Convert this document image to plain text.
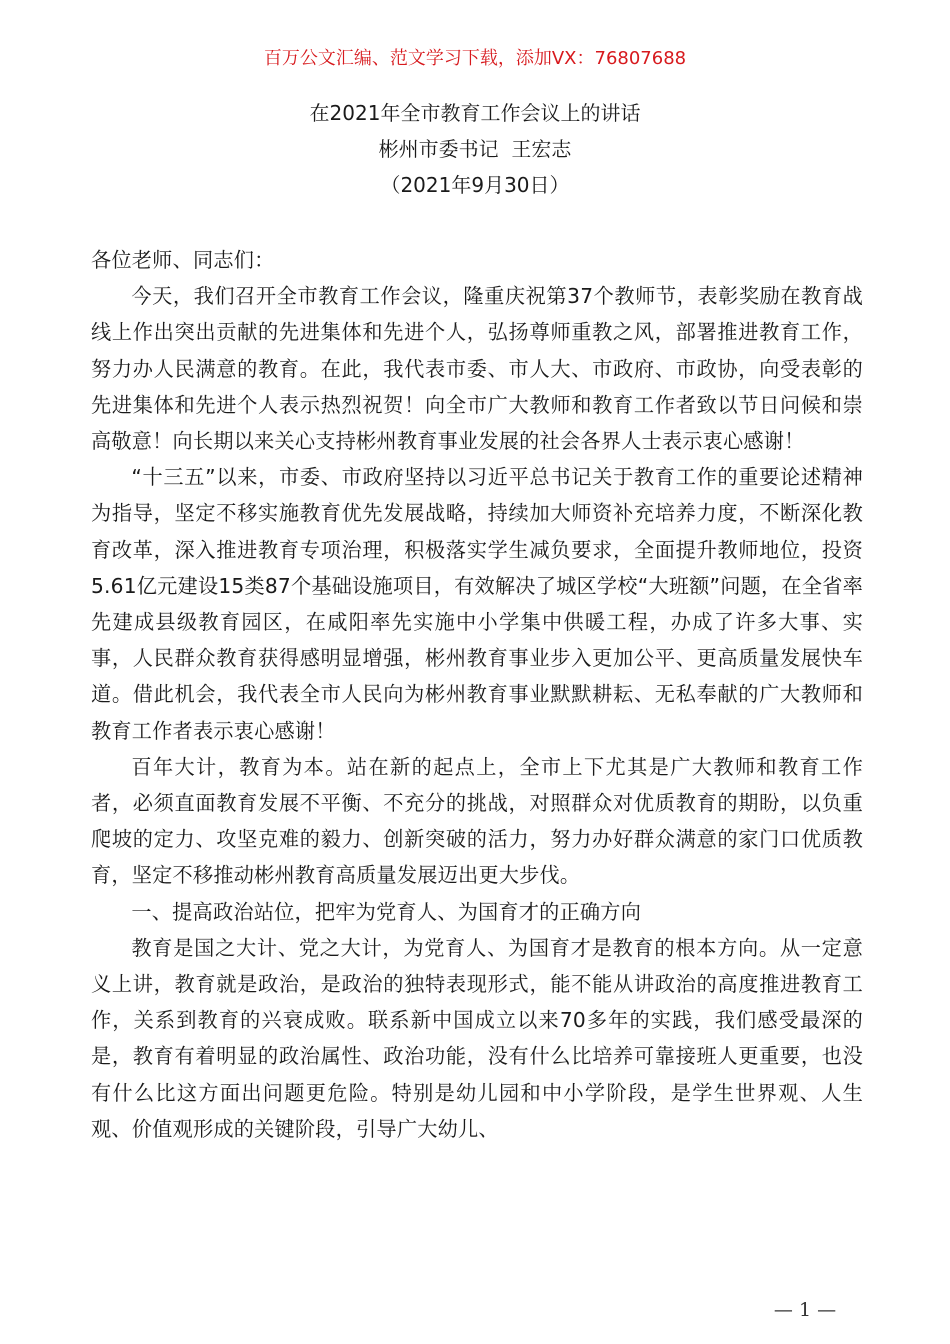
百万公文汇编、范文学习下载，添加VX：76807688
在2021年全市教育工作会议上的讲话
彬州市委书记  王宏志
（2021年9月30日）

各位老师、同志们：

今天，我们召开全市教育工作会议，隆重庆祝第37个教师节，表彰奖励在教育战线上作出突出贡献的先进集体和先进个人，弘扬尊师重教之风，部署推进教育工作，努力办人民满意的教育。在此，我代表市委、市人大、市政府、市政协，向受表彰的先进集体和先进个人表示热烈祝贺！向全市广大教师和教育工作者致以节日问候和崇高敬意！向长期以来关心支持彬州教育事业发展的社会各界人士表示衷心感谢！

“十三五”以来，市委、市政府坚持以习近平总书记关于教育工作的重要论述精神为指导，坚定不移实施教育优先发展战略，持续加大师资补充培养力度，不断深化教育改革，深入推进教育专项治理，积极落实学生减负要求，全面提升教师地位，投资5.61亿元建设15类87个基础设施项目，有效解决了城区学校“大班额”问题，在全省率先建成县级教育园区，在咸阳率先实施中小学集中供暖工程，办成了许多大事、实事，人民群众教育获得感明显增强，彬州教育事业步入更加公平、更高质量发展快车道。借此机会，我代表全市人民向为彬州教育事业默默耕耘、无私奉献的广大教师和教育工作者表示衷心感谢！

百年大计，教育为本。站在新的起点上，全市上下尤其是广大教师和教育工作者，必须直面教育发展不平衡、不充分的挑战，对照群众对优质教育的期盼，以负重爬坡的定力、攻坚克难的毅力、创新突破的活力，努力办好群众满意的家门口优质教育，坚定不移推动彬州教育高质量发展迈出更大步伐。

一、提高政治站位，把牢为党育人、为国育才的正确方向

教育是国之大计、党之大计，为党育人、为国育才是教育的根本方向。从一定意义上讲，教育就是政治，是政治的独特表现形式，能不能从讲政治的高度推进教育工作，关系到教育的兴衰成败。联系新中国成立以来70多年的实践，我们感受最深的是，教育有着明显的政治属性、政治功能，没有什么比培养可靠接班人更重要，也没有什么比这方面出问题更危险。特别是幼儿园和中小学阶段，是学生世界观、人生观、价值观形成的关键阶段，引导广大幼儿、

— 1 —
